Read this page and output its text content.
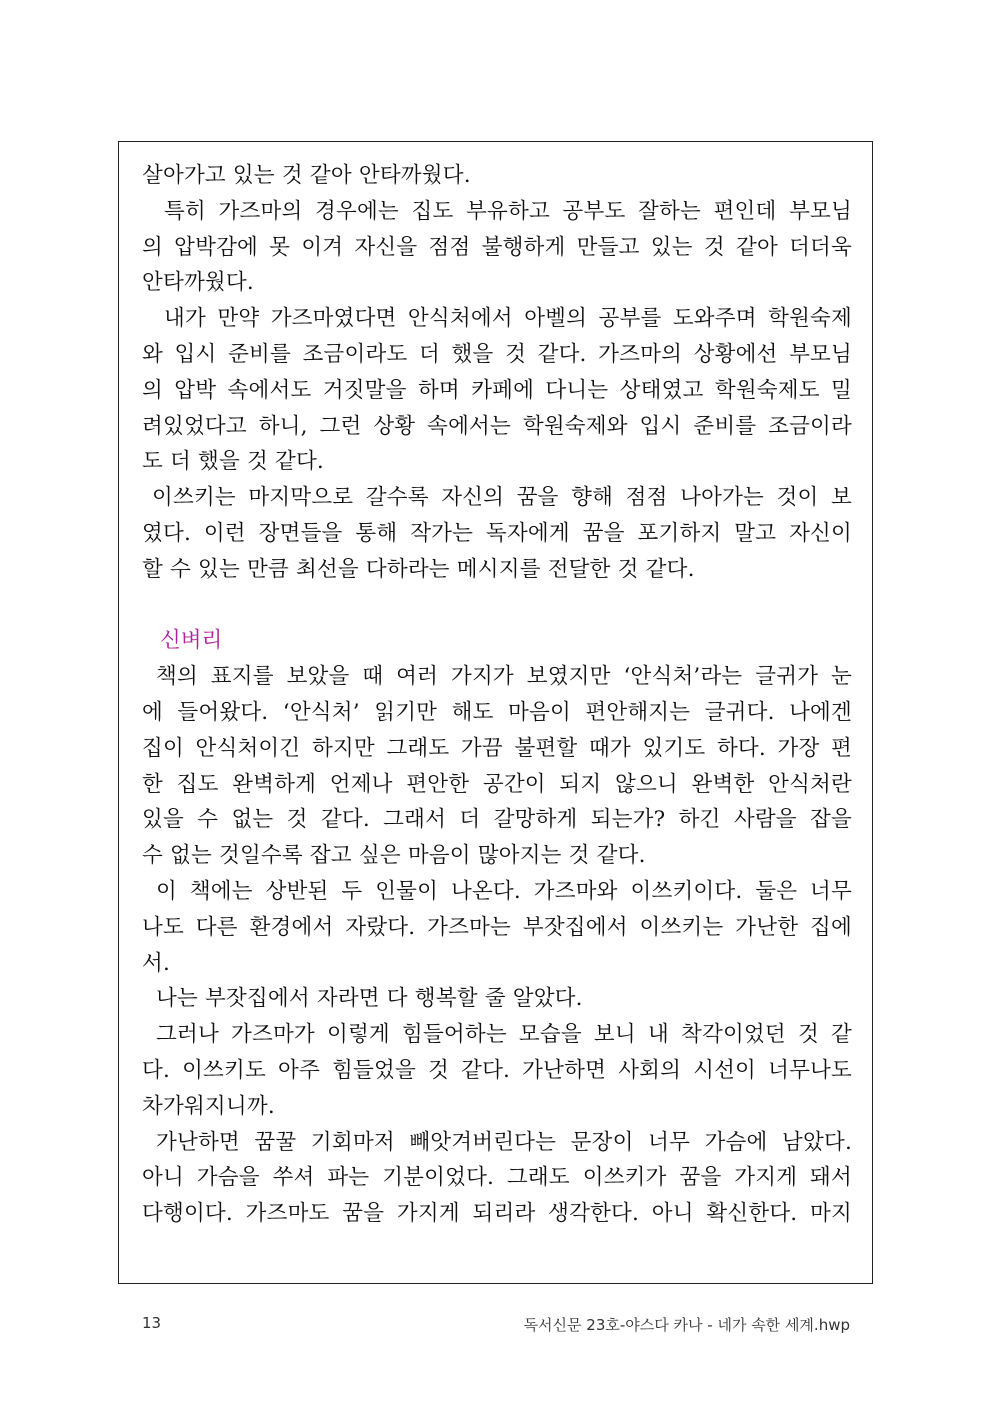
살아가고 있는 것 같아 안타까웠다.
특히 가즈마의 경우에는 집도 부유하고 공부도 잘하는 편인데 부모님
의 압박감에 못 이겨 자신을 점점 불행하게 만들고 있는 것 같아 더더욱
안타까웠다.
내가 만약 가즈마였다면 안식처에서 아벨의 공부를 도와주며 학원숙제
와 입시 준비를 조금이라도 더 했을 것 같다. 가즈마의 상황에선 부모님
의 압박 속에서도 거짓말을 하며 카페에 다니는 상태였고 학원숙제도 밀
려있었다고 하니, 그런 상황 속에서는 학원숙제와 입시 준비를 조금이라
도 더 했을 것 같다.
이쓰키는 마지막으로 갈수록 자신의 꿈을 향해 점점 나아가는 것이 보
였다. 이런 장면들을 통해 작가는 독자에게 꿈을 포기하지 말고 자신이
할 수 있는 만큼 최선을 다하라는 메시지를 전달한 것 같다.
신벼리
책의 표지를 보았을 때 여러 가지가 보였지만 ‘안식처’라는 글귀가 눈
에 들어왔다. ‘안식처’ 읽기만 해도 마음이 편안해지는 글귀다. 나에겐
집이 안식처이긴 하지만 그래도 가끔 불편할 때가 있기도 하다. 가장 편
한 집도 완벽하게 언제나 편안한 공간이 되지 않으니 완벽한 안식처란
있을 수 없는 것 같다. 그래서 더 갈망하게 되는가? 하긴 사람을 잡을
수 없는 것일수록 잡고 싶은 마음이 많아지는 것 같다.
이 책에는 상반된 두 인물이 나온다. 가즈마와 이쓰키이다. 둘은 너무
나도 다른 환경에서 자랐다. 가즈마는 부잣집에서 이쓰키는 가난한 집에
서.
나는 부잣집에서 자라면 다 행복할 줄 알았다.
그러나 가즈마가 이렇게 힘들어하는 모습을 보니 내 착각이었던 것 같
다. 이쓰키도 아주 힘들었을 것 같다. 가난하면 사회의 시선이 너무나도
차가워지니까.
가난하면 꿈꿀 기회마저 빼앗겨버린다는 문장이 너무 가슴에 남았다.
아니 가슴을 쑤셔 파는 기분이었다. 그래도 이쓰키가 꿈을 가지게 돼서
다행이다. 가즈마도 꿈을 가지게 되리라 생각한다. 아니 확신한다. 마지
13	독서신문 23호-야스다 카나 - 네가 속한 세계.hwp
